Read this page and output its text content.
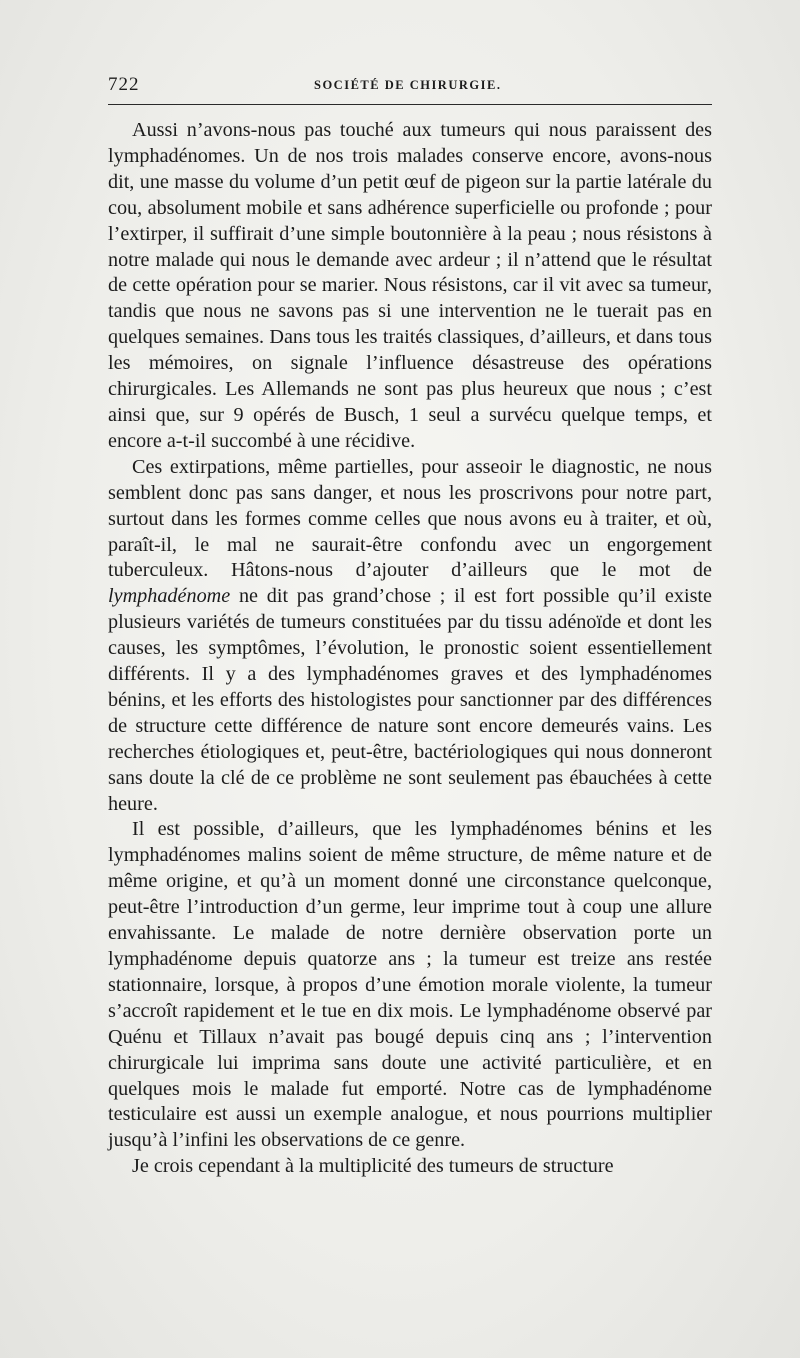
722	SOCIÉTÉ DE CHIRURGIE.

Aussi n’avons-nous pas touché aux tumeurs qui nous paraissent des lymphadénomes. Un de nos trois malades conserve encore, avons-nous dit, une masse du volume d’un petit œuf de pigeon sur la partie latérale du cou, absolument mobile et sans adhérence superficielle ou profonde ; pour l’extirper, il suffirait d’une simple boutonnière à la peau ; nous résistons à notre malade qui nous le demande avec ardeur ; il n’attend que le résultat de cette opération pour se marier. Nous résistons, car il vit avec sa tumeur, tandis que nous ne savons pas si une intervention ne le tuerait pas en quelques semaines. Dans tous les traités classiques, d’ailleurs, et dans tous les mémoires, on signale l’influence désastreuse des opérations chirurgicales. Les Allemands ne sont pas plus heureux que nous ; c’est ainsi que, sur 9 opérés de Busch, 1 seul a survécu quelque temps, et encore a-t-il succombé à une récidive.

Ces extirpations, même partielles, pour asseoir le diagnostic, ne nous semblent donc pas sans danger, et nous les proscrivons pour notre part, surtout dans les formes comme celles que nous avons eu à traiter, et où, paraît-il, le mal ne saurait-être confondu avec un engorgement tuberculeux. Hâtons-nous d’ajouter d’ailleurs que le mot de lymphadénome ne dit pas grand’chose ; il est fort possible qu’il existe plusieurs variétés de tumeurs constituées par du tissu adénoïde et dont les causes, les symptômes, l’évolution, le pronostic soient essentiellement différents. Il y a des lymphadénomes graves et des lymphadénomes bénins, et les efforts des histologistes pour sanctionner par des différences de structure cette différence de nature sont encore demeurés vains. Les recherches étiologiques et, peut-être, bactériologiques qui nous donneront sans doute la clé de ce problème ne sont seulement pas ébauchées à cette heure.

Il est possible, d’ailleurs, que les lymphadénomes bénins et les lymphadénomes malins soient de même structure, de même nature et de même origine, et qu’à un moment donné une circonstance quelconque, peut-être l’introduction d’un germe, leur imprime tout à coup une allure envahissante. Le malade de notre dernière observation porte un lymphadénome depuis quatorze ans ; la tumeur est treize ans restée stationnaire, lorsque, à propos d’une émotion morale violente, la tumeur s’accroît rapidement et le tue en dix mois. Le lymphadénome observé par Quénu et Tillaux n’avait pas bougé depuis cinq ans ; l’intervention chirurgicale lui imprima sans doute une activité particulière, et en quelques mois le malade fut emporté. Notre cas de lymphadénome testiculaire est aussi un exemple analogue, et nous pourrions multiplier jusqu’à l’infini les observations de ce genre.

Je crois cependant à la multiplicité des tumeurs de structure
